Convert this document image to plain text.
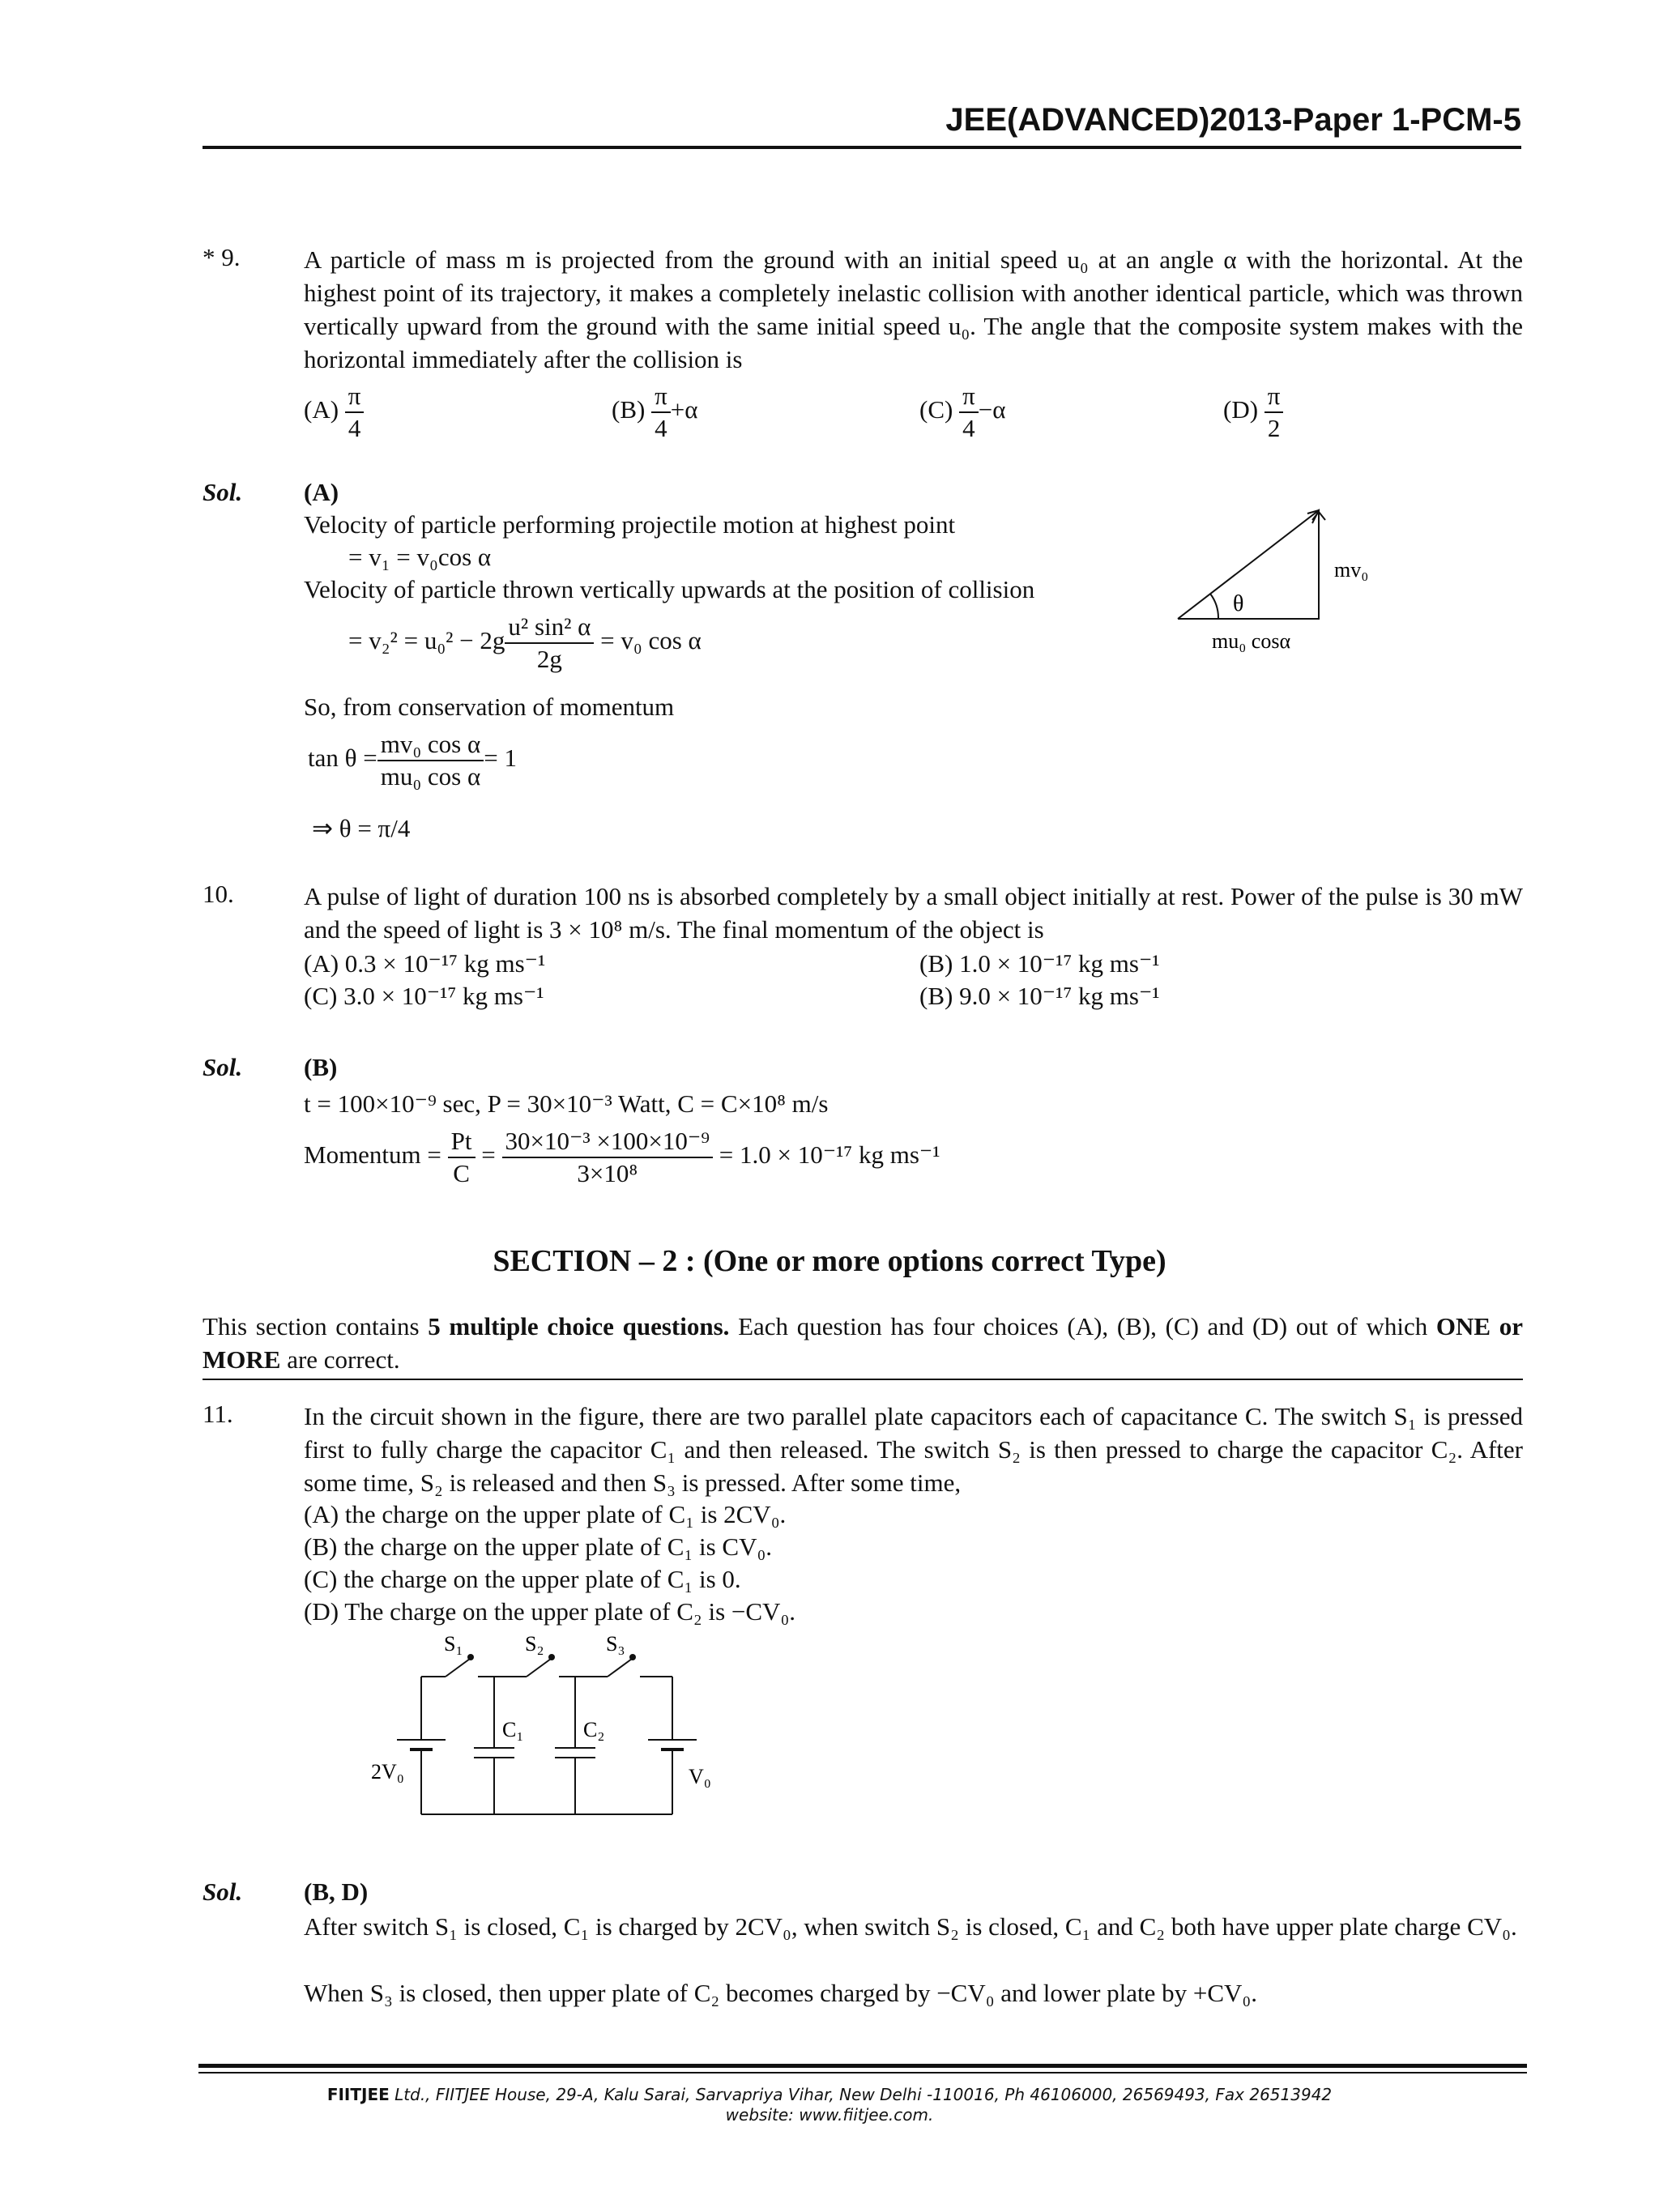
JEE(ADVANCED)2013-Paper 1-PCM-5
* 9.	A particle of mass m is projected from the ground with an initial speed u₀ at an angle α with the horizontal. At the highest point of its trajectory, it makes a completely inelastic collision with another identical particle, which was thrown vertically upward from the ground with the same initial speed u₀. The angle that the composite system makes with the horizontal immediately after the collision is
$(A) \frac{\pi}{4}$	$(B) \frac{\pi}{4} +\alpha$	$(C) \frac{\pi}{4} -\alpha$	$(D) \frac{\pi}{2}$
Sol. (A)
Velocity of particle performing projectile motion at highest point
= v₁ = v₀cos α
Velocity of particle thrown vertically upwards at the position of collision
= $v_2^2 = u_0^2 - 2g \frac{\text{u² sin² α}}{2g} = v_0$ cos α
So, from conservation of momentum
$\tan \theta = \frac{\text{mv₀ cos α}}{\text{mu₀ cos α}} = 1$
⇒ θ = π/4
θ
mv₀
mu₀ cosα
10.	A pulse of light of duration 100 ns is absorbed completely by a small object initially at rest. Power of the pulse is 30 mW and the speed of light is 3 × 10⁸ m/s. The final momentum of the object is
(A) 0.3 × 10⁻¹⁷ kg ms⁻¹	(B) 1.0 × 10⁻¹⁷ kg ms⁻¹
(C) 3.0 × 10⁻¹⁷ kg ms⁻¹	(B) 9.0 × 10⁻¹⁷ kg ms⁻¹
Sol. (B)
t = 100×10⁻⁹ sec, P = 30×10⁻³ Watt, C = C×10⁸ m/s
Momentum = $\frac{Pt}{C} = \frac{\text{30×10⁻³ ×100×10⁻⁹}}{\text{3×10⁸}} = 1.0 \times 10^{-17}$ kg ms⁻¹
SECTION – 2 : (One or more options correct Type)
This section contains 5 multiple choice questions. Each question has four choices (A), (B), (C) and (D) out of which ONE or MORE are correct.
11.	In the circuit shown in the figure, there are two parallel plate capacitors each of capacitance C. The switch S₁ is pressed first to fully charge the capacitor C₁ and then released. The switch S₂ is then pressed to charge the capacitor C₂. After some time, S₂ is released and then S₃ is pressed. After some time,
(A) the charge on the upper plate of C₁ is 2CV₀.
(B) the charge on the upper plate of C₁ is CV₀.
(C) the charge on the upper plate of C₁ is 0.
(D) The charge on the upper plate of C₂ is −CV₀.
S₁	S₂	S₃
C₁	C₂
2V₀	V₀
Sol. (B, D)
After switch S₁ is closed, C₁ is charged by 2CV₀, when switch S₂ is closed, C₁ and C₂ both have upper plate charge CV₀.
When S₃ is closed, then upper plate of C₂ becomes charged by −CV₀ and lower plate by +CV₀.
FIITJEE Ltd., FIITJEE House, 29-A, Kalu Sarai, Sarvapriya Vihar, New Delhi -110016, Ph 46106000, 26569493, Fax 26513942
website: www.fiitjee.com.
